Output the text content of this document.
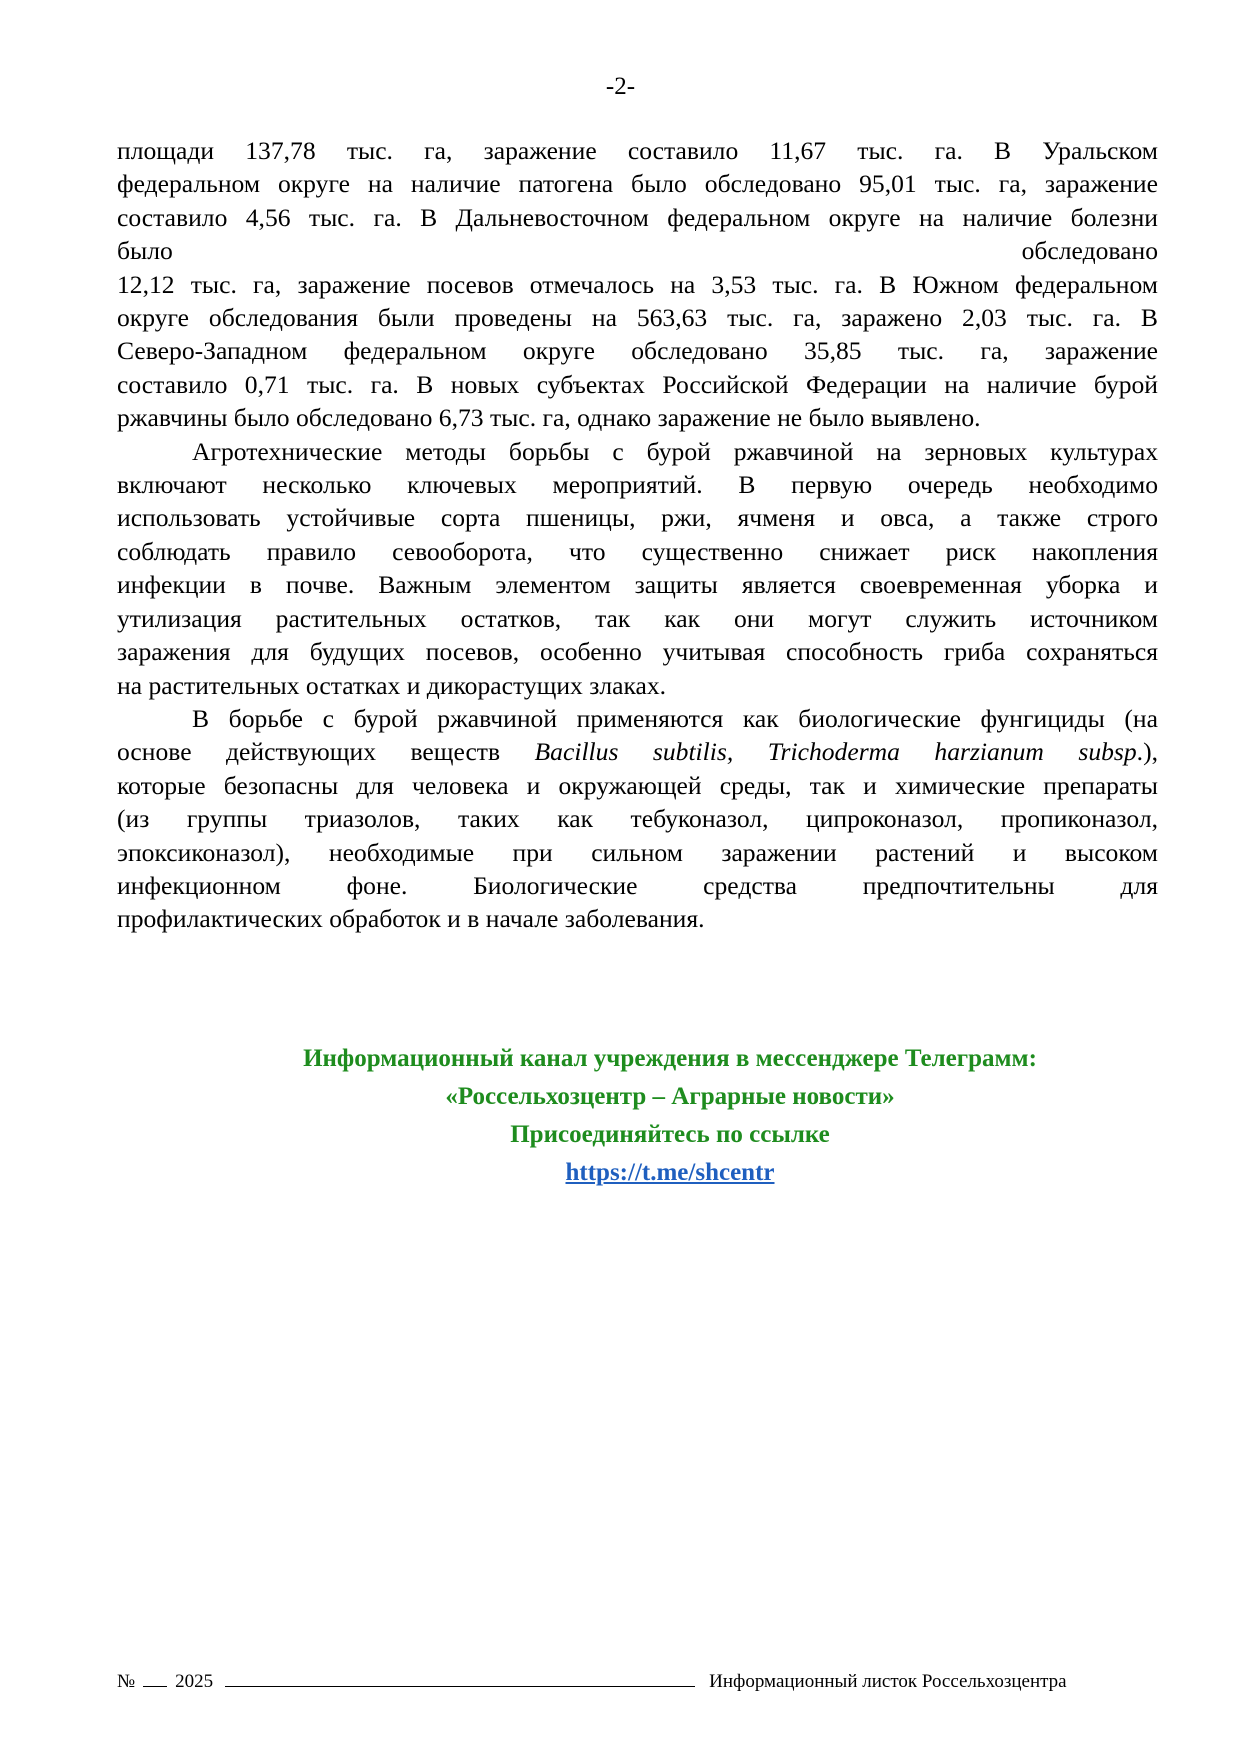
-2-

площади 137,78 тыс. га, заражение составило 11,67 тыс. га. В Уральском
федеральном округе на наличие патогена было обследовано 95,01 тыс. га, заражение
составило 4,56 тыс. га. В Дальневосточном федеральном округе на наличие болезни
было обследовано
12,12 тыс. га, заражение посевов отмечалось на 3,53 тыс. га. В Южном федеральном
округе обследования были проведены на 563,63 тыс. га, заражено 2,03 тыс. га. В
Северо-Западном федеральном округе обследовано 35,85 тыс. га, заражение
составило 0,71 тыс. га. В новых субъектах Российской Федерации на наличие бурой
ржавчины было обследовано 6,73 тыс. га, однако заражение не было выявлено.

Агротехнические методы борьбы с бурой ржавчиной на зерновых культурах
включают несколько ключевых мероприятий. В первую очередь необходимо
использовать устойчивые сорта пшеницы, ржи, ячменя и овса, а также строго
соблюдать правило севооборота, что существенно снижает риск накопления
инфекции в почве. Важным элементом защиты является своевременная уборка и
утилизация растительных остатков, так как они могут служить источником
заражения для будущих посевов, особенно учитывая способность гриба сохраняться
на растительных остатках и дикорастущих злаках.

В борьбе с бурой ржавчиной применяются как биологические фунгициды (на
основе действующих веществ Bacillus subtilis, Trichoderma harzianum subsp.),
которые безопасны для человека и окружающей среды, так и химические препараты
(из группы триазолов, таких как тебуконазол, ципроконазол, пропиконазол,
эпоксиконазол), необходимые при сильном заражении растений и высоком
инфекционном фоне. Биологические средства предпочтительны для
профилактических обработок и в начале заболевания.

Информационный канал учреждения в мессенджере Телеграмм:
«Россельхозцентр – Аграрные новости»
Присоединяйтесь по ссылке
https://t.me/shcentr
№ 2025	Информационный листок Россельхозцентра
